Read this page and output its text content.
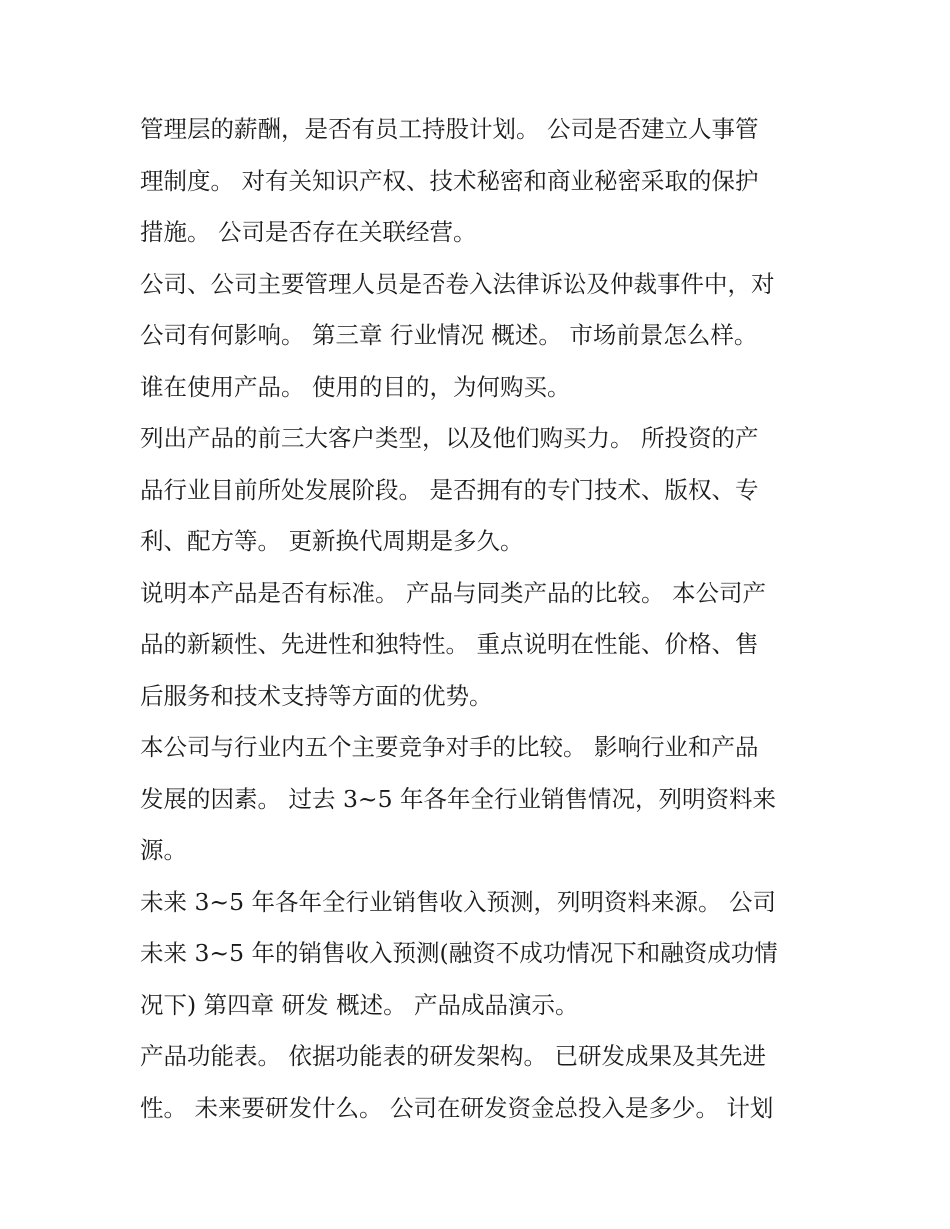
管理层的薪酬，是否有员工持股计划。 公司是否建立人事管
理制度。 对有关知识产权、技术秘密和商业秘密采取的保护
措施。 公司是否存在关联经营。
公司、公司主要管理人员是否卷入法律诉讼及仲裁事件中，对
公司有何影响。 第三章 行业情况 概述。 市场前景怎么样。
谁在使用产品。 使用的目的，为何购买。
列出产品的前三大客户类型，以及他们购买力。 所投资的产
品行业目前所处发展阶段。 是否拥有的专门技术、版权、专
利、配方等。 更新换代周期是多久。
说明本产品是否有标准。 产品与同类产品的比较。 本公司产
品的新颖性、先进性和独特性。 重点说明在性能、价格、售
后服务和技术支持等方面的优势。
本公司与行业内五个主要竞争对手的比较。 影响行业和产品
发展的因素。 过去 3~5 年各年全行业销售情况，列明资料来
源。
未来 3~5 年各年全行业销售收入预测，列明资料来源。 公司
未来 3~5 年的销售收入预测(融资不成功情况下和融资成功情
况下) 第四章 研发 概述。 产品成品演示。
产品功能表。 依据功能表的研发架构。 已研发成果及其先进
性。 未来要研发什么。 公司在研发资金总投入是多少。 计划
